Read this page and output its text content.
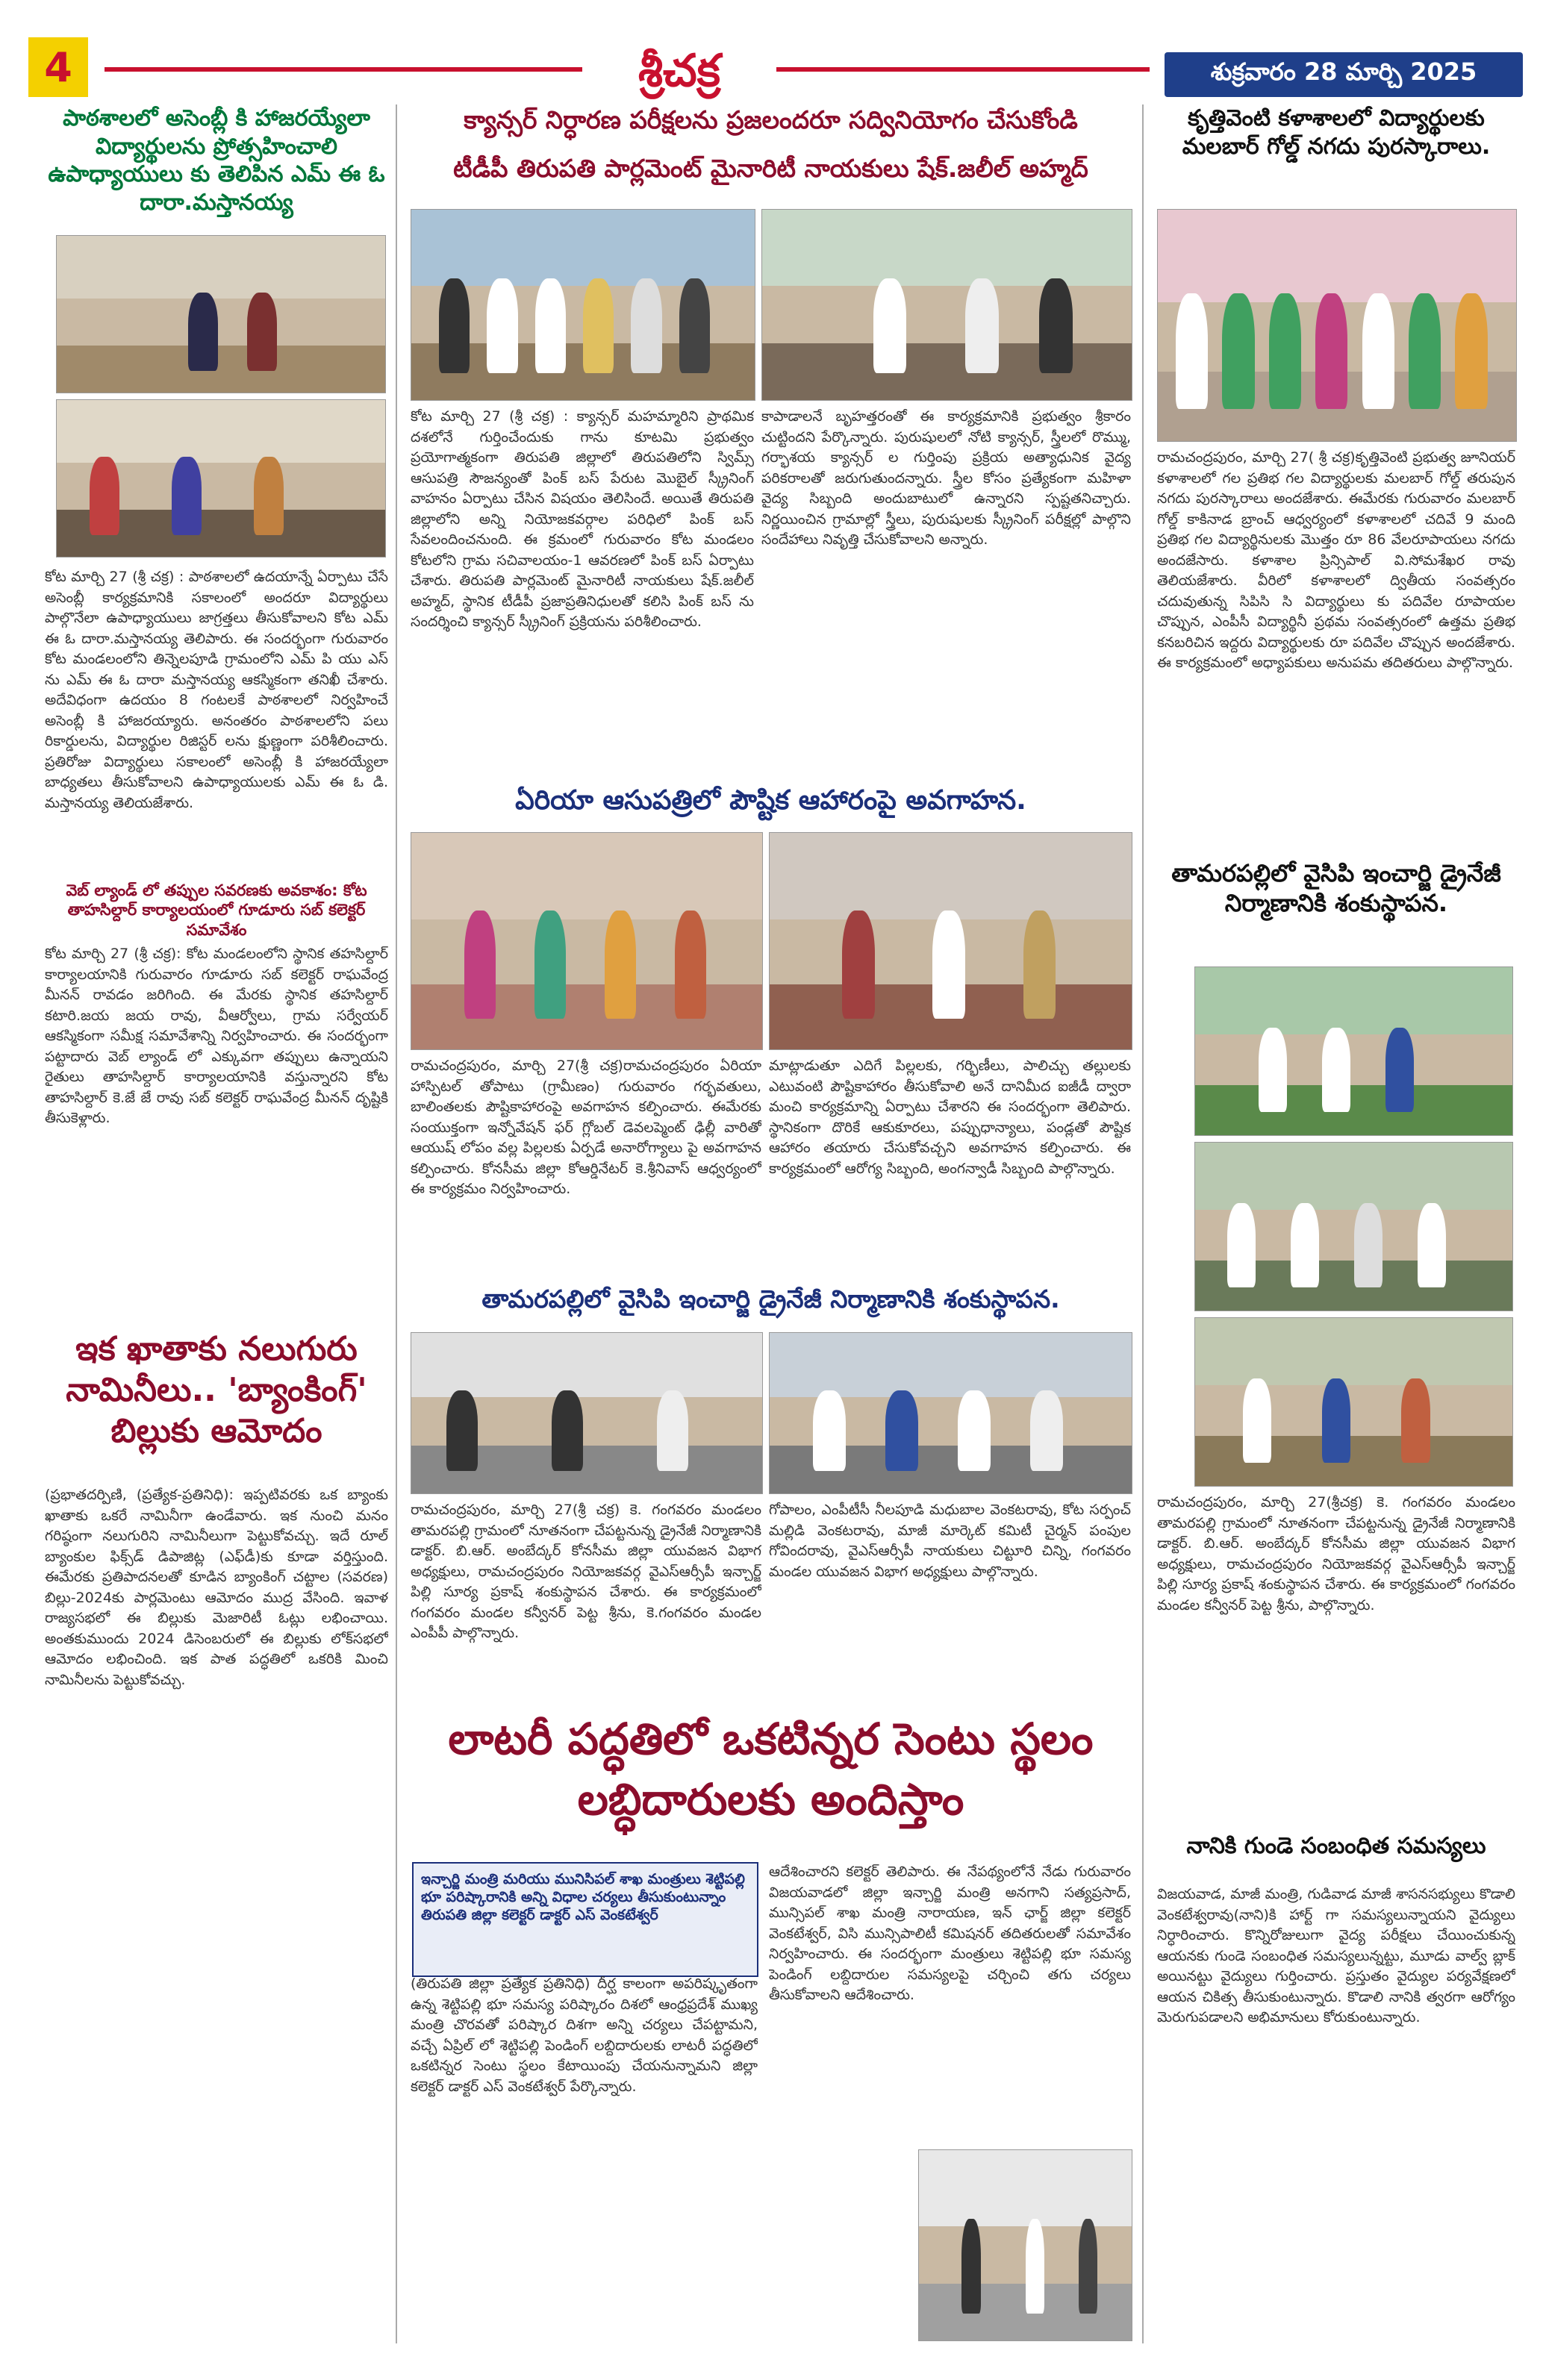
4	శ్రీచక్ర	శుక్రవారం 28 మార్చి 2025
పాఠశాలలో అసెంబ్లీ కి హాజరయ్యేలా విద్యార్థులను ప్రోత్సహించాలి ఉపాధ్యాయులు కు తెలిపిన ఎమ్ ఈ ఓ దారా.మస్తానయ్య
కోట మార్చి 27 (శ్రీ చక్ర) : పాఠశాలలో ఉదయాన్నే ఏర్పాటు చేసే అసెంబ్లీ కార్యక్రమానికి సకాలంలో అందరూ విద్యార్థులు పాల్గొనేలా ఉపాధ్యాయులు జాగ్రత్తలు తీసుకోవాలని కోట ఎమ్ ఈ ఓ దారా.మస్తానయ్య తెలిపారు. ఈ సందర్భంగా గురువారం కోట మండలంలోని తిన్నెలపూడి గ్రామంలోని ఎమ్ పి యు ఎస్ ను ఎమ్ ఈ ఓ దారా మస్తానయ్య ఆకస్మికంగా తనిఖీ చేశారు. అదేవిధంగా ఉదయం 8 గంటలకే పాఠశాలలో నిర్వహించే అసెంబ్లీ కి హాజరయ్యారు. అనంతరం పాఠశాలలోని పలు రికార్డులను, విద్యార్థుల రిజిస్టర్ లను క్షుణ్ణంగా పరిశీలించారు. ప్రతిరోజు విద్యార్థులు సకాలంలో అసెంబ్లీ కి హాజరయ్యేలా బాధ్యతలు తీసుకోవాలని ఉపాధ్యాయులకు ఎమ్ ఈ ఓ డి. మస్తానయ్య తెలియజేశారు.
వెబ్ ల్యాండ్ లో తప్పుల సవరణకు అవకాశం: కోట తాహసిల్దార్ కార్యాలయంలో గూడూరు సబ్ కలెక్టర్ సమావేశం
కోట మార్చి 27 (శ్రీ చక్ర): కోట మండలంలోని స్థానిక తహసిల్దార్ కార్యాలయానికి గురువారం గూడూరు సబ్ కలెక్టర్ రాఘవేంద్ర మీనన్ రావడం జరిగింది. ఈ మేరకు స్థానిక తహసిల్దార్ కటారి.జయ జయ రావు, వీఆర్వోలు, గ్రామ సర్వేయర్ ఆకస్మికంగా సమీక్ష సమావేశాన్ని నిర్వహించారు. ఈ సందర్భంగా పట్టాదారు వెబ్ ల్యాండ్ లో ఎక్కువగా తప్పులు ఉన్నాయని రైతులు తాహసిల్దార్ కార్యాలయానికి వస్తున్నారని కోట తాహసిల్దార్ కె.జే జే రావు సబ్ కలెక్టర్ రాఘవేంద్ర మీనన్ దృష్టికి తీసుకెళ్లారు.
ఇక ఖాతాకు నలుగురు నామినీలు.. 'బ్యాంకింగ్' బిల్లుకు ఆమోదం
(ప్రభాతదర్పిణి, (ప్రత్యేక-ప్రతినిధి): ఇప్పటివరకు ఒక బ్యాంకు ఖాతాకు ఒకరే నామినీగా ఉండేవారు. ఇక నుంచి మనం గరిష్ఠంగా నలుగురిని నామినీలుగా పెట్టుకోవచ్చు. ఇదే రూల్ బ్యాంకుల ఫిక్స్‌డ్ డిపాజిట్ల (ఎఫ్‌డీ)కు కూడా వర్తిస్తుంది. ఈమేరకు ప్రతిపాదనలతో కూడిన బ్యాంకింగ్ చట్టాల (సవరణ) బిల్లు-2024కు పార్లమెంటు ఆమోదం ముద్ర వేసింది. ఇవాళ రాజ్యసభలో ఈ బిల్లుకు మెజారిటీ ఓట్లు లభించాయి. అంతకుముందు 2024 డిసెంబరులో ఈ బిల్లుకు లోక్‌సభలో ఆమోదం లభించింది. ఇక పాత పద్ధతిలో ఒకరికి మించి నామినీలను పెట్టుకోవచ్చు.
క్యాన్సర్ నిర్ధారణ పరీక్షలను ప్రజలందరూ సద్వినియోగం చేసుకోండి
టీడీపీ తిరుపతి పార్లమెంట్ మైనారిటీ నాయకులు షేక్.జలీల్ అహ్మద్
కోట మార్చి 27 (శ్రీ చక్ర) : క్యాన్సర్ మహమ్మారిని ప్రాథమిక దశలోనే గుర్తించేందుకు గాను కూటమి ప్రభుత్వం ప్రయోగాత్మకంగా తిరుపతి జిల్లాలో తిరుపతిలోని స్విమ్స్ ఆసుపత్రి సౌజన్యంతో పింక్ బస్ పేరుట మొబైల్ స్క్రీనింగ్ వాహనం ఏర్పాటు చేసిన విషయం తెలిసిందే. అయితే తిరుపతి జిల్లాలోని అన్ని నియోజకవర్గాల పరిధిలో పింక్ బస్ సేవలందించనుంది. ఈ క్రమంలో గురువారం కోట మండలం కోటలోని గ్రామ సచివాలయం-1 ఆవరణలో పింక్ బస్ ఏర్పాటు చేశారు. తిరుపతి పార్లమెంట్ మైనారిటీ నాయకులు షేక్.జలీల్ అహ్మద్, స్థానిక టీడీపీ ప్రజాప్రతినిధులతో కలిసి పింక్ బస్ ను సందర్శించి క్యాన్సర్ స్క్రీనింగ్ ప్రక్రియను పరిశీలించారు.
కాపాడాలనే బృహత్తరంతో ఈ కార్యక్రమానికి ప్రభుత్వం శ్రీకారం చుట్టిందని పేర్కొన్నారు. పురుషులలో నోటి క్యాన్సర్, స్త్రీలలో రొమ్ము, గర్భాశయ క్యాన్సర్ ల గుర్తింపు ప్రక్రియ అత్యాధునిక వైద్య పరికరాలతో జరుగుతుందన్నారు. స్త్రీల కోసం ప్రత్యేకంగా మహిళా వైద్య సిబ్బంది అందుబాటులో ఉన్నారని స్పష్టతనిచ్చారు. నిర్ణయించిన గ్రామాల్లో స్త్రీలు, పురుషులకు స్క్రీనింగ్ పరీక్షల్లో పాల్గొని సందేహాలు నివృత్తి చేసుకోవాలని అన్నారు.
ఏరియా ఆసుపత్రిలో పౌష్టిక ఆహారంపై అవగాహన.
రామచంద్రపురం, మార్చి 27(శ్రీ చక్ర)రామచంద్రపురం ఏరియా హాస్పిటల్ తోపాటు (గ్రామీణం) గురువారం గర్భవతులు, బాలింతలకు పౌష్టికాహారంపై అవగాహన కల్పించారు. ఈమేరకు సంయుక్తంగా ఇన్నోవేషన్ ఫర్ గ్లోబల్ డెవలప్మెంట్ ఢిల్లీ వారితో ఆయుష్ లోపం వల్ల పిల్లలకు ఏర్పడే అనారోగ్యాలు పై అవగాహన కల్పించారు. కోనసీమ జిల్లా కోఆర్డినేటర్ కె.శ్రీనివాస్ ఆధ్వర్యంలో ఈ కార్యక్రమం నిర్వహించారు.
మాట్లాడుతూ ఎదిగే పిల్లలకు, గర్భిణీలు, పాలిచ్చు తల్లులకు ఎటువంటి పౌష్టికాహారం తీసుకోవాలి అనే దానిమీద ఐజీడీ ద్వారా మంచి కార్యక్రమాన్ని ఏర్పాటు చేశారని ఈ సందర్భంగా తెలిపారు. స్థానికంగా దొరికే ఆకుకూరలు, పప్పుధాన్యాలు, పండ్లతో పౌష్టిక ఆహారం తయారు చేసుకోవచ్చని అవగాహన కల్పించారు. ఈ కార్యక్రమంలో ఆరోగ్య సిబ్బంది, అంగన్వాడీ సిబ్బంది పాల్గొన్నారు.
తామరపల్లిలో వైసిపి ఇంచార్జి డ్రైనేజీ నిర్మాణానికి శంకుస్థాపన.
రామచంద్రపురం, మార్చి 27(శ్రీ చక్ర) కె. గంగవరం మండలం తామరపల్లి గ్రామంలో నూతనంగా చేపట్టనున్న డ్రైనేజీ నిర్మాణానికి డాక్టర్. బి.ఆర్. అంబేద్కర్ కోనసీమ జిల్లా యువజన విభాగ అధ్యక్షులు, రామచంద్రపురం నియోజకవర్గ వైఎస్ఆర్సీపీ ఇన్చార్జ్ పిల్లి సూర్య ప్రకాష్ శంకుస్థాపన చేశారు. ఈ కార్యక్రమంలో గంగవరం మండల కన్వీనర్ పెట్ట శ్రీను, కె.గంగవరం మండల ఎంపీపీ పాల్గొన్నారు.
గోపాలం, ఎంపీటీసీ నీలపూడి మధుబాల వెంకటరావు, కోట సర్పంచ్ మల్లిడి వెంకటరావు, మాజీ మార్కెట్ కమిటీ చైర్మన్ పంపుల గోవిందరావు, వైఎస్ఆర్సీపీ నాయకులు చిట్టూరి చిన్ని, గంగవరం మండల యువజన విభాగ అధ్యక్షులు పాల్గొన్నారు.
లాటరీ పద్ధతిలో ఒకటిన్నర సెంటు స్థలం లబ్ధిదారులకు అందిస్తాం
ఇన్చార్జి మంత్రి మరియు మునిసిపల్ శాఖ మంత్రులు శెట్టిపల్లి భూ పరిష్కారానికి అన్ని విధాల చర్యలు తీసుకుంటున్నాం తిరుపతి జిల్లా కలెక్టర్ డాక్టర్ ఎస్ వెంకటేశ్వర్
(తిరుపతి జిల్లా ప్రత్యేక ప్రతినిధి) దీర్ఘ కాలంగా అపరిష్కృతంగా ఉన్న శెట్టిపల్లి భూ సమస్య పరిష్కారం దిశలో ఆంధ్రప్రదేశ్ ముఖ్య మంత్రి చొరవతో పరిష్కార దిశగా అన్ని చర్యలు చేపట్టామని, వచ్చే ఏప్రిల్ లో శెట్టిపల్లి పెండింగ్ లబ్దిదారులకు లాటరీ పద్ధతిలో ఒకటిన్నర సెంటు స్థలం కేటాయింపు చేయనున్నామని జిల్లా కలెక్టర్ డాక్టర్ ఎస్ వెంకటేశ్వర్ పేర్కొన్నారు.
ఆదేశించారని కలెక్టర్ తెలిపారు. ఈ నేపథ్యంలోనే నేడు గురువారం విజయవాడలో జిల్లా ఇన్చార్జి మంత్రి అనగాని సత్యప్రసాద్, మున్సిపల్ శాఖ మంత్రి నారాయణ, ఇన్ ఛార్జ్ జిల్లా కలెక్టర్ వెంకటేశ్వర్, విసి మున్సిపాలిటీ కమిషనర్ తదితరులతో సమావేశం నిర్వహించారు. ఈ సందర్భంగా మంత్రులు శెట్టిపల్లి భూ సమస్య పెండింగ్ లబ్దిదారుల సమస్యలపై చర్చించి తగు చర్యలు తీసుకోవాలని ఆదేశించారు.
కృత్తివెంటి కళాశాలలో విద్యార్థులకు మలబార్ గోల్డ్ నగదు పురస్కారాలు.
రామచంద్రపురం, మార్చి 27( శ్రీ చక్ర)కృత్తివెంటి ప్రభుత్వ జూనియర్ కళాశాలలో గల ప్రతిభ గల విద్యార్థులకు మలబార్ గోల్డ్ తరుపున నగదు పురస్కారాలు అందజేశారు. ఈమేరకు గురువారం మలబార్ గోల్డ్ కాకినాడ బ్రాంచ్ ఆధ్వర్యంలో కళాశాలలో చదివే 9 మంది ప్రతిభ గల విద్యార్థినులకు మొత్తం రూ 86 వేలరూపాయలు నగదు అందజేసారు. కళాశాల ప్రిన్సిపాల్ వి.సోమశేఖర రావు తెలియజేశారు. వీరిలో కళాశాలలో ద్వితీయ సంవత్సరం చదువుతున్న సిపిసి సి విద్యార్థులు కు పదివేల రూపాయల చొప్పున, ఎంపీసీ విద్యార్థినీ ప్రథమ సంవత్సరంలో ఉత్తమ ప్రతిభ కనబరిచిన ఇద్దరు విద్యార్థులకు రూ పదివేల చొప్పున అందజేశారు. ఈ కార్యక్రమంలో అధ్యాపకులు అనుపమ తదితరులు పాల్గొన్నారు.
తామరపల్లిలో వైసిపి ఇంచార్జి డ్రైనేజీ నిర్మాణానికి శంకుస్థాపన.
రామచంద్రపురం, మార్చి 27(శ్రీచక్ర) కె. గంగవరం మండలం తామరపల్లి గ్రామంలో నూతనంగా చేపట్టనున్న డ్రైనేజీ నిర్మాణానికి డాక్టర్. బి.ఆర్. అంబేద్కర్ కోనసీమ జిల్లా యువజన విభాగ అధ్యక్షులు, రామచంద్రపురం నియోజకవర్గ వైఎస్ఆర్సీపీ ఇన్చార్జ్ పిల్లి సూర్య ప్రకాష్ శంకుస్థాపన చేశారు. ఈ కార్యక్రమంలో గంగవరం మండల కన్వీనర్ పెట్ట శ్రీను, పాల్గొన్నారు.
నానికి గుండె సంబంధిత సమస్యలు
విజయవాడ, మాజీ మంత్రి, గుడివాడ మాజీ శాసనసభ్యులు కొడాలి వెంకటేశ్వరావు(నాని)కి హార్ట్ గా సమస్యలున్నాయని వైద్యులు నిర్ధారించారు. కొన్నిరోజులుగా వైద్య పరీక్షలు చేయించుకున్న ఆయనకు గుండె సంబంధిత సమస్యలున్నట్టు, మూడు వాల్వ్ బ్లాక్ అయినట్టు వైద్యులు గుర్తించారు. ప్రస్తుతం వైద్యుల పర్యవేక్షణలో ఆయన చికిత్స తీసుకుంటున్నారు. కొడాలి నానికి త్వరగా ఆరోగ్యం మెరుగుపడాలని అభిమానులు కోరుకుంటున్నారు.
